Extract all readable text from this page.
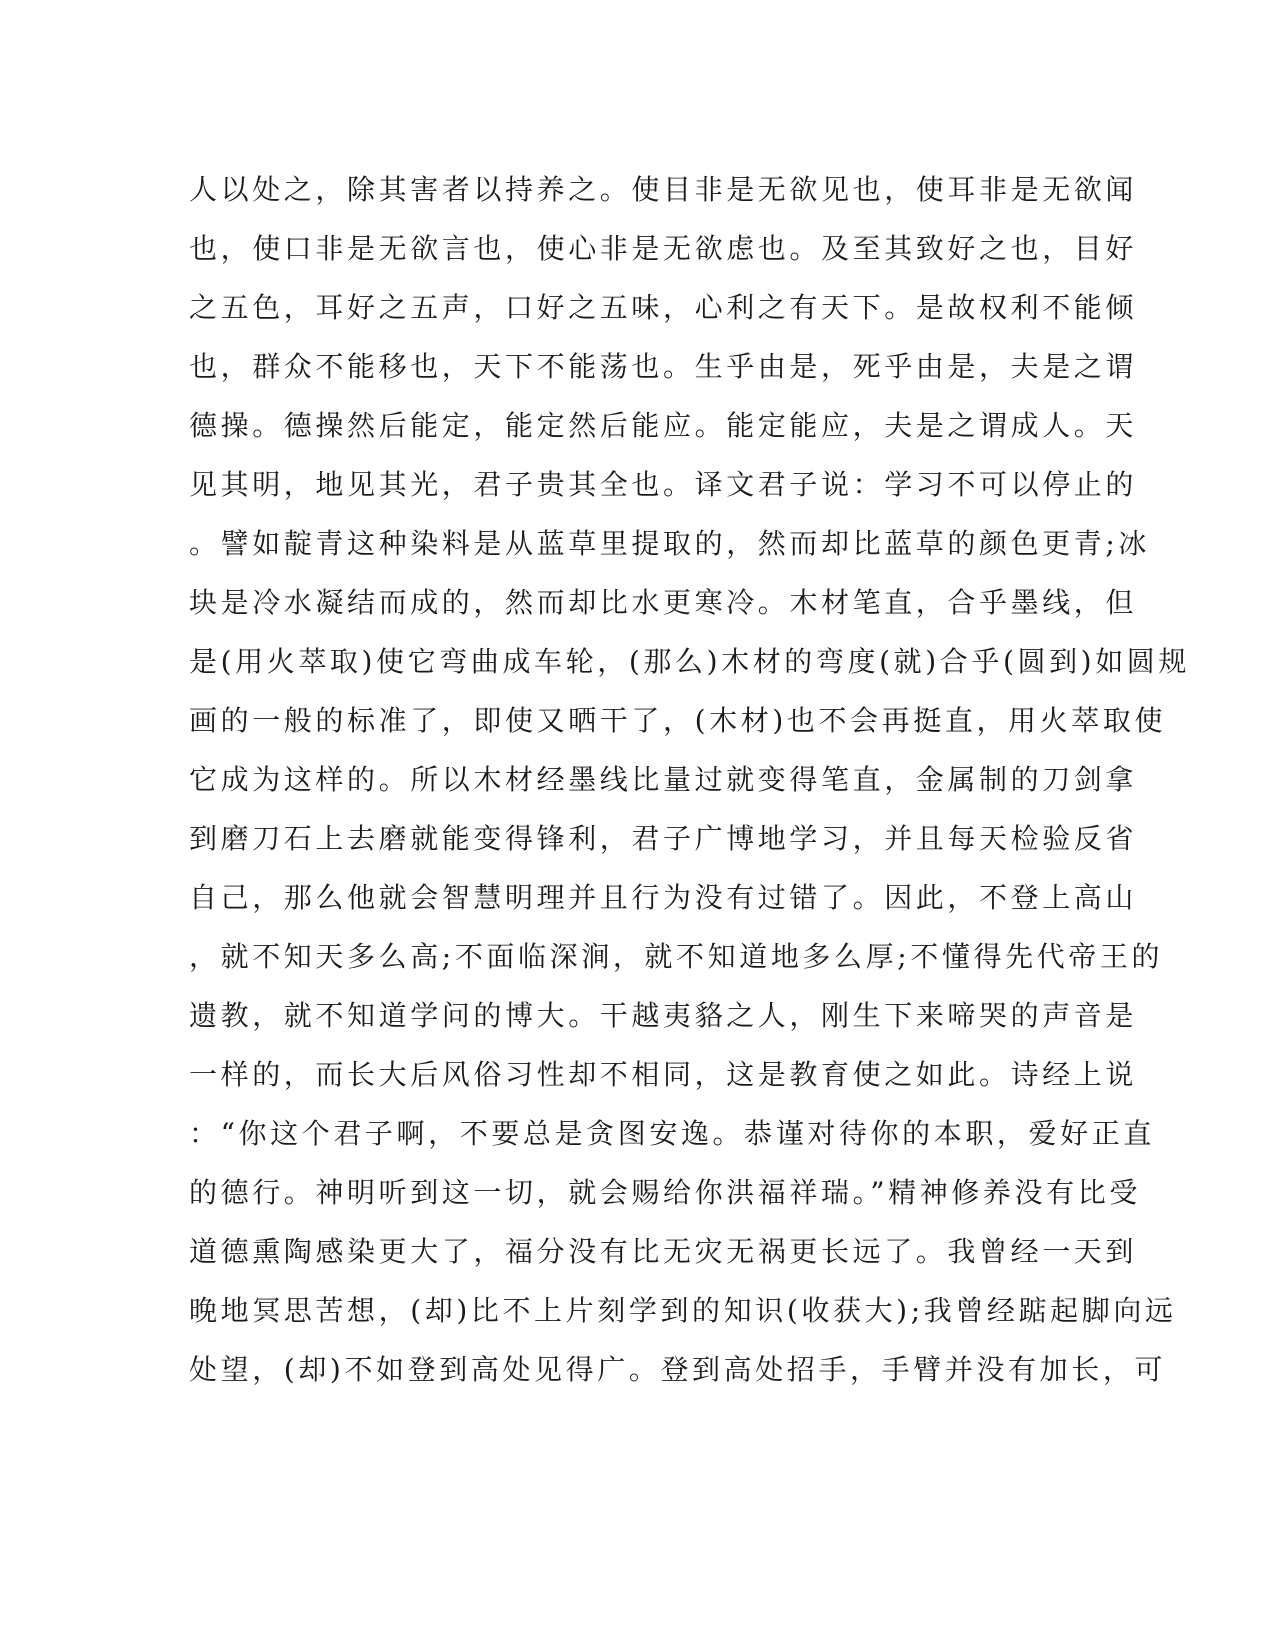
人以处之，除其害者以持养之。使目非是无欲见也，使耳非是无欲闻
也，使口非是无欲言也，使心非是无欲虑也。及至其致好之也，目好
之五色，耳好之五声，口好之五味，心利之有天下。是故权利不能倾
也，群众不能移也，天下不能荡也。生乎由是，死乎由是，夫是之谓
德操。德操然后能定，能定然后能应。能定能应，夫是之谓成人。天
见其明，地见其光，君子贵其全也。译文君子说：学习不可以停止的
。譬如靛青这种染料是从蓝草里提取的，然而却比蓝草的颜色更青;冰
块是冷水凝结而成的，然而却比水更寒冷。木材笔直，合乎墨线，但
是(用火萃取)使它弯曲成车轮，(那么)木材的弯度(就)合乎(圆到)如圆规
画的一般的标准了，即使又晒干了，(木材)也不会再挺直，用火萃取使
它成为这样的。所以木材经墨线比量过就变得笔直，金属制的刀剑拿
到磨刀石上去磨就能变得锋利，君子广博地学习，并且每天检验反省
自己，那么他就会智慧明理并且行为没有过错了。因此，不登上高山
，就不知天多么高;不面临深涧，就不知道地多么厚;不懂得先代帝王的
遗教，就不知道学问的博大。干越夷貉之人，刚生下来啼哭的声音是
一样的，而长大后风俗习性却不相同，这是教育使之如此。诗经上说
：“你这个君子啊，不要总是贪图安逸。恭谨对待你的本职，爱好正直
的德行。神明听到这一切，就会赐给你洪福祥瑞。”精神修养没有比受
道德熏陶感染更大了，福分没有比无灾无祸更长远了。我曾经一天到
晚地冥思苦想，(却)比不上片刻学到的知识(收获大);我曾经踮起脚向远
处望，(却)不如登到高处见得广。登到高处招手，手臂并没有加长，可
